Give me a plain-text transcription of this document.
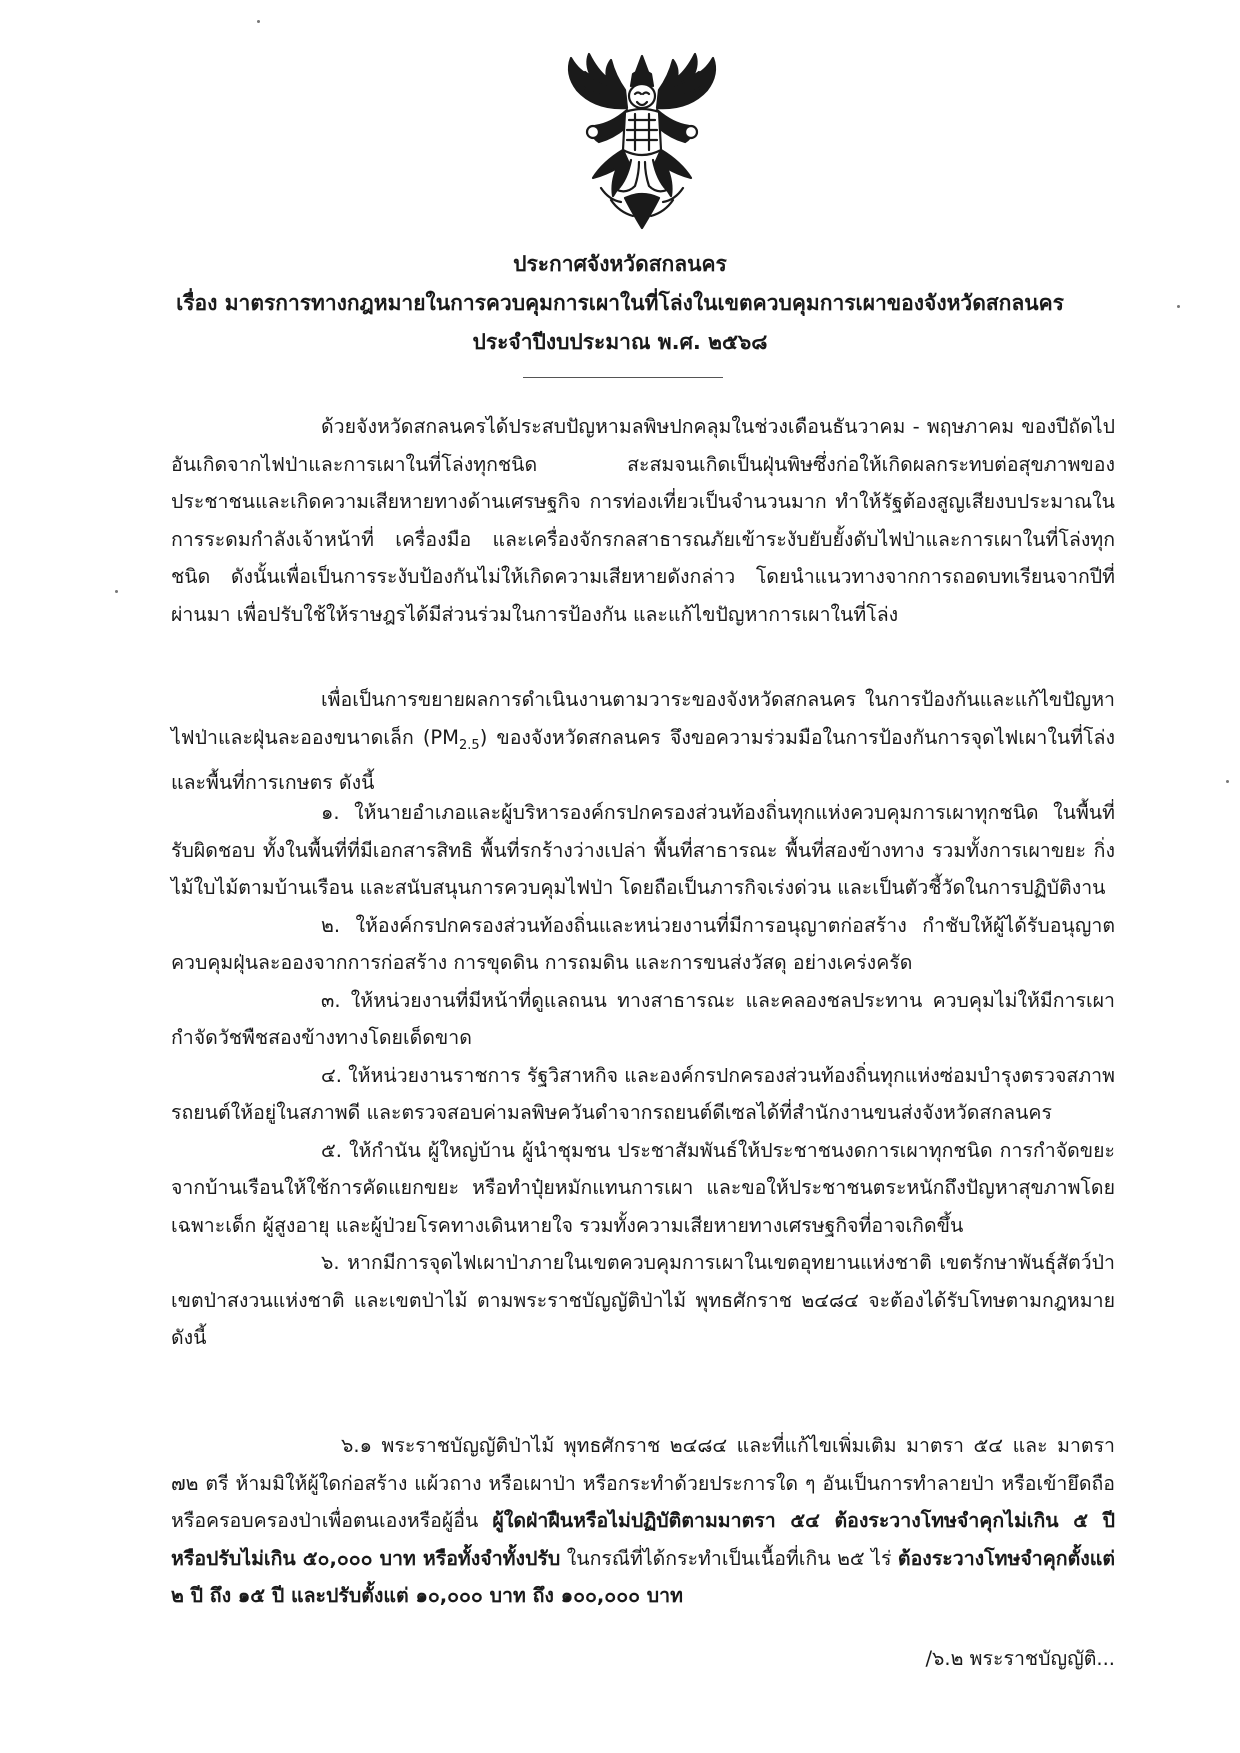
ประกาศจังหวัดสกลนคร
เรื่อง มาตรการทางกฎหมายในการควบคุมการเผาในที่โล่งในเขตควบคุมการเผาของจังหวัดสกลนคร
ประจำปีงบประมาณ พ.ศ. ๒๕๖๘

ด้วยจังหวัดสกลนครได้ประสบปัญหามลพิษปกคลุมในช่วงเดือนธันวาคม - พฤษภาคม ของปีถัดไป อันเกิดจากไฟป่าและการเผาในที่โล่งทุกชนิด สะสมจนเกิดเป็นฝุ่นพิษซึ่งก่อให้เกิดผลกระทบต่อสุขภาพของประชาชนและเกิดความเสียหายทางด้านเศรษฐกิจ การท่องเที่ยวเป็นจำนวนมาก ทำให้รัฐต้องสูญเสียงบประมาณในการระดมกำลังเจ้าหน้าที่ เครื่องมือ และเครื่องจักรกลสาธารณภัยเข้าระงับยับยั้งดับไฟป่าและการเผาในที่โล่งทุกชนิด ดังนั้นเพื่อเป็นการระงับป้องกันไม่ให้เกิดความเสียหายดังกล่าว โดยนำแนวทางจากการถอดบทเรียนจากปีที่ผ่านมา เพื่อปรับใช้ให้ราษฎรได้มีส่วนร่วมในการป้องกัน และแก้ไขปัญหาการเผาในที่โล่ง

เพื่อเป็นการขยายผลการดำเนินงานตามวาระของจังหวัดสกลนคร ในการป้องกันและแก้ไขปัญหาไฟป่าและฝุ่นละอองขนาดเล็ก $(PM_{2.5})$ ของจังหวัดสกลนคร จึงขอความร่วมมือในการป้องกันการจุดไฟเผาในที่โล่ง และพื้นที่การเกษตร ดังนี้

๑. ให้นายอำเภอและผู้บริหารองค์กรปกครองส่วนท้องถิ่นทุกแห่งควบคุมการเผาทุกชนิด ในพื้นที่รับผิดชอบ ทั้งในพื้นที่ที่มีเอกสารสิทธิ พื้นที่รกร้างว่างเปล่า พื้นที่สาธารณะ พื้นที่สองข้างทาง รวมทั้งการเผาขยะ กิ่งไม้ใบไม้ตามบ้านเรือน และสนับสนุนการควบคุมไฟป่า โดยถือเป็นภารกิจเร่งด่วน และเป็นตัวชี้วัดในการปฏิบัติงาน

๒. ให้องค์กรปกครองส่วนท้องถิ่นและหน่วยงานที่มีการอนุญาตก่อสร้าง กำชับให้ผู้ได้รับอนุญาตควบคุมฝุ่นละอองจากการก่อสร้าง การขุดดิน การถมดิน และการขนส่งวัสดุ อย่างเคร่งครัด

๓. ให้หน่วยงานที่มีหน้าที่ดูแลถนน ทางสาธารณะ และคลองชลประทาน ควบคุมไม่ให้มีการเผากำจัดวัชพืชสองข้างทางโดยเด็ดขาด

๔. ให้หน่วยงานราชการ รัฐวิสาหกิจ และองค์กรปกครองส่วนท้องถิ่นทุกแห่งซ่อมบำรุงตรวจสภาพรถยนต์ให้อยู่ในสภาพดี และตรวจสอบค่ามลพิษควันดำจากรถยนต์ดีเซลได้ที่สำนักงานขนส่งจังหวัดสกลนคร

๕. ให้กำนัน ผู้ใหญ่บ้าน ผู้นำชุมชน ประชาสัมพันธ์ให้ประชาชนงดการเผาทุกชนิด การกำจัดขยะจากบ้านเรือนให้ใช้การคัดแยกขยะ หรือทำปุ๋ยหมักแทนการเผา และขอให้ประชาชนตระหนักถึงปัญหาสุขภาพโดยเฉพาะเด็ก ผู้สูงอายุ และผู้ป่วยโรคทางเดินหายใจ รวมทั้งความเสียหายทางเศรษฐกิจที่อาจเกิดขึ้น

๖. หากมีการจุดไฟเผาป่าภายในเขตควบคุมการเผาในเขตอุทยานแห่งชาติ เขตรักษาพันธุ์สัตว์ป่า เขตป่าสงวนแห่งชาติ และเขตป่าไม้ ตามพระราชบัญญัติป่าไม้ พุทธศักราช ๒๔๘๔ จะต้องได้รับโทษตามกฎหมาย ดังนี้

๖.๑ พระราชบัญญัติป่าไม้ พุทธศักราช ๒๔๘๔ และที่แก้ไขเพิ่มเติม มาตรา ๕๔ และ มาตรา ๗๒ ตรี ห้ามมิให้ผู้ใดก่อสร้าง แผ้วถาง หรือเผาป่า หรือกระทำด้วยประการใด ๆ อันเป็นการทำลายป่า หรือเข้ายึดถือหรือครอบครองป่าเพื่อตนเองหรือผู้อื่น ผู้ใดฝ่าฝืนหรือไม่ปฏิบัติตามมาตรา ๕๔ ต้องระวางโทษจำคุกไม่เกิน ๕ ปี หรือปรับไม่เกิน ๕๐,๐๐๐ บาท หรือทั้งจำทั้งปรับ ในกรณีที่ได้กระทำเป็นเนื้อที่เกิน ๒๕ ไร่ ต้องระวางโทษจำคุกตั้งแต่ ๒ ปี ถึง ๑๕ ปี และปรับตั้งแต่ ๑๐,๐๐๐ บาท ถึง ๑๐๐,๐๐๐ บาท

/๖.๒ พระราชบัญญัติ...
